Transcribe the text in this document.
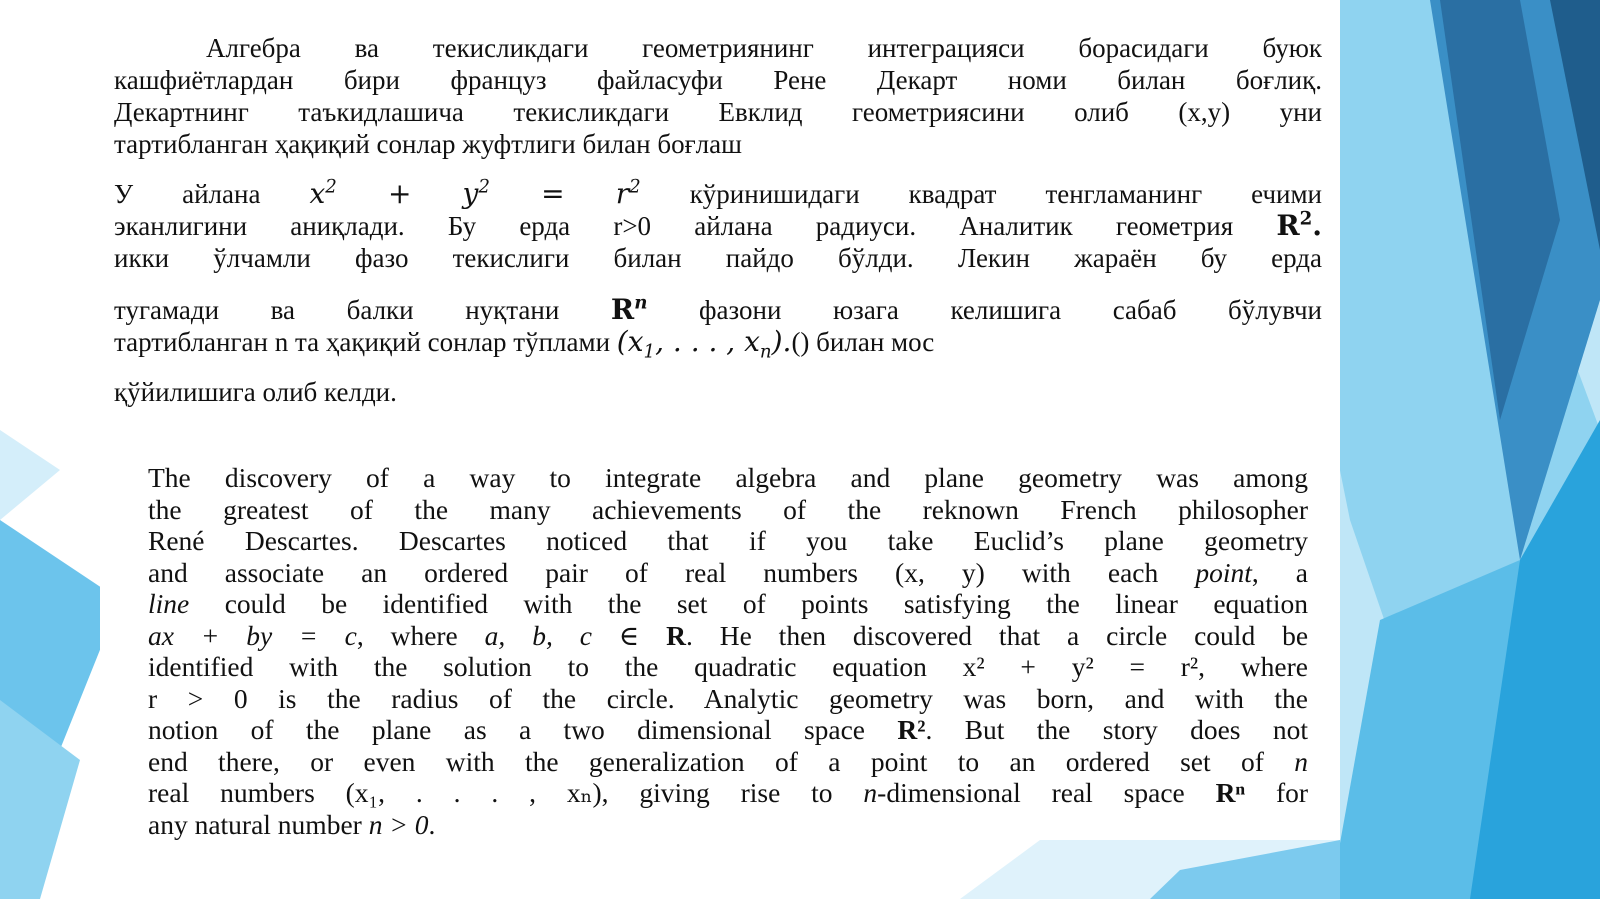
Алгебра ва текисликдаги геометриянинг интеграцияси борасидаги буюк

кашфиётлардан бири француз файласуфи Рене Декарт номи билан боғлиқ.

Декартнинг таъкидлашича текисликдаги Евклид геометриясини олиб (x,y) уни

тартибланган ҳақиқий сонлар жуфтлиги билан боғлаш

У айлана $x^2 + y^2 = r^2$ кўринишидаги квадрат тенгламанинг ечими

эканлигини аниқлади. Бу ерда r>0 айлана радиуси. Аналитик геометрия $R^2$.

икки ўлчамли фазо текислиги билан пайдо бўлди. Лекин жараён бу ерда

тугамади ва балки нуқтани $R^n$ фазони юзага келишига сабаб бўлувчи

тартибланган n та ҳақиқий сонлар тўплами ($x_1$, . . . , $x_n).()$ билан мос

қўйилишига олиб келди.

The discovery of a way to integrate algebra and plane geometry was among

the greatest of the many achievements of the reknown French philosopher

René Descartes. Descartes noticed that if you take Euclid’s plane geometry

and associate an ordered pair of real numbers (x, y) with each point, a

line could be identified with the set of points satisfying the linear equation

ax + by = c, where a, b, c ∈ R. He then discovered that a circle could be

identified with the solution to the quadratic equation x² + y² = r², where

r > 0 is the radius of the circle. Analytic geometry was born, and with the

notion of the plane as a two dimensional space R². But the story does not

end there, or even with the generalization of a point to an ordered set of n

real numbers (x₁, . . . , xₙ), giving rise to n-dimensional real space Rⁿ for

any natural number n > 0.
